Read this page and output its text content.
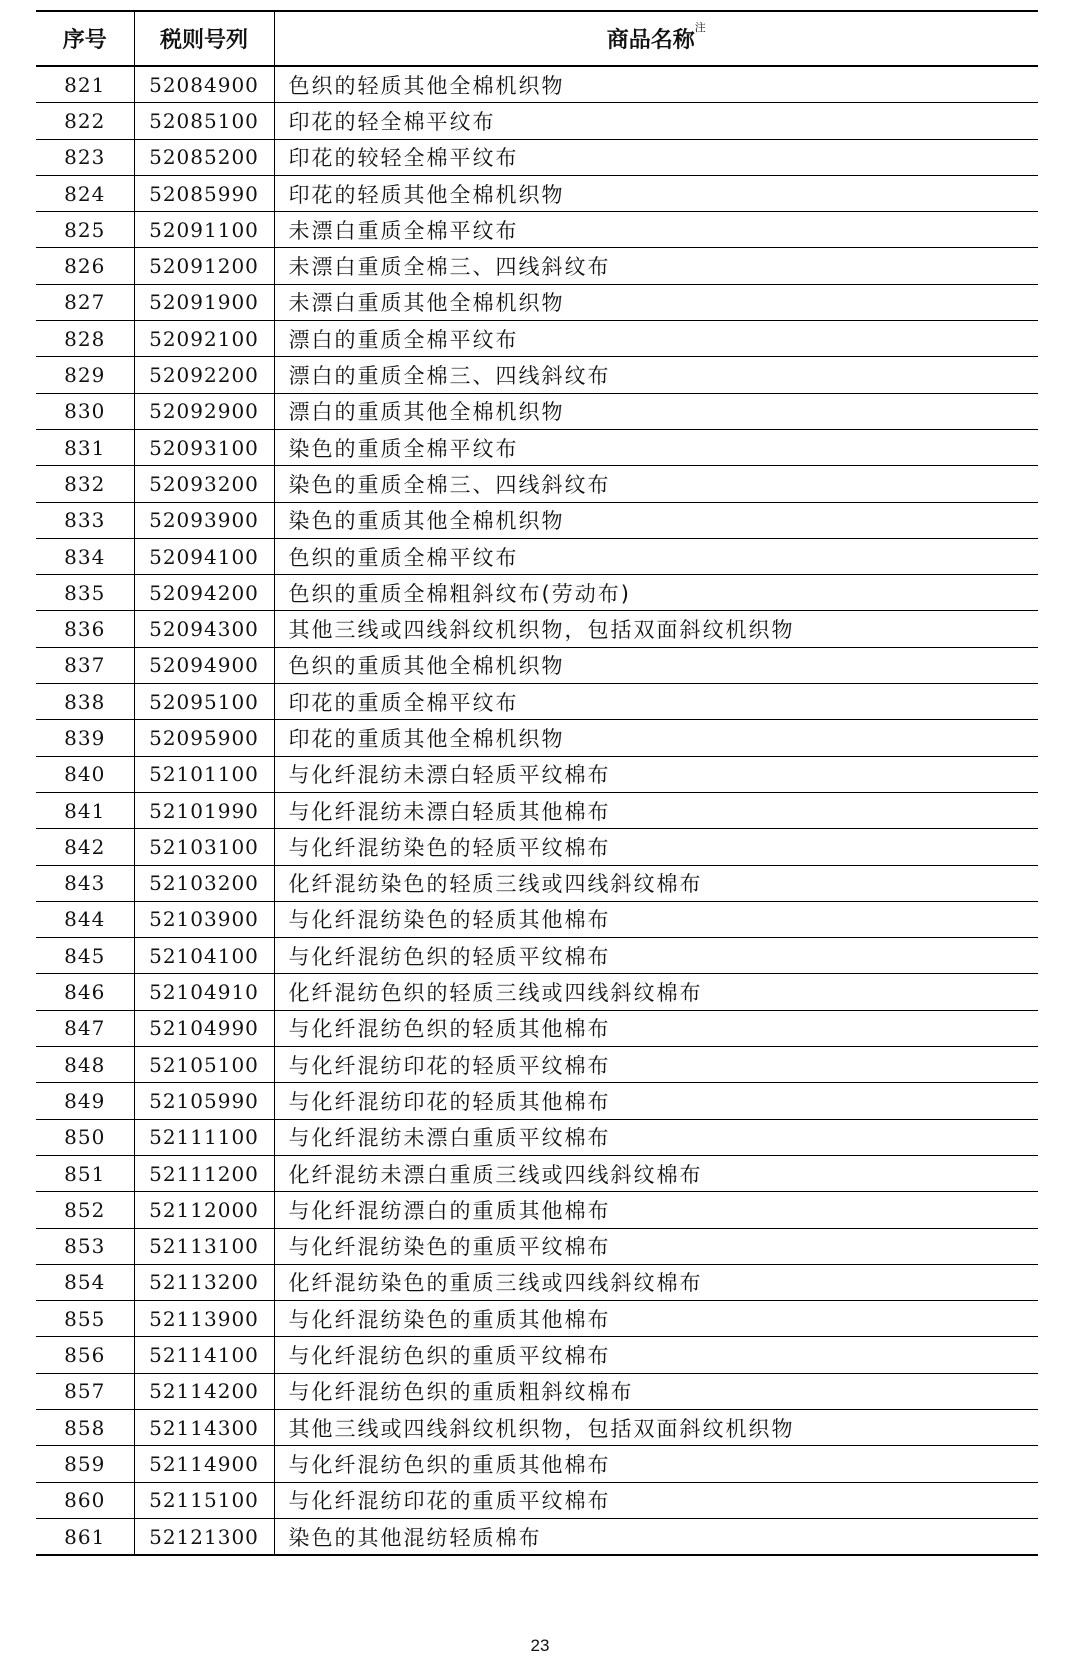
序号	税则号列	商品名称$^注$
821	52084900	色织的轻质其他全棉机织物
822	52085100	印花的轻全棉平纹布
823	52085200	印花的较轻全棉平纹布
824	52085990	印花的轻质其他全棉机织物
825	52091100	未漂白重质全棉平纹布
826	52091200	未漂白重质全棉三、四线斜纹布
827	52091900	未漂白重质其他全棉机织物
828	52092100	漂白的重质全棉平纹布
829	52092200	漂白的重质全棉三、四线斜纹布
830	52092900	漂白的重质其他全棉机织物
831	52093100	染色的重质全棉平纹布
832	52093200	染色的重质全棉三、四线斜纹布
833	52093900	染色的重质其他全棉机织物
834	52094100	色织的重质全棉平纹布
835	52094200	色织的重质全棉粗斜纹布(劳动布)
836	52094300	其他三线或四线斜纹机织物，包括双面斜纹机织物
837	52094900	色织的重质其他全棉机织物
838	52095100	印花的重质全棉平纹布
839	52095900	印花的重质其他全棉机织物
840	52101100	与化纤混纺未漂白轻质平纹棉布
841	52101990	与化纤混纺未漂白轻质其他棉布
842	52103100	与化纤混纺染色的轻质平纹棉布
843	52103200	化纤混纺染色的轻质三线或四线斜纹棉布
844	52103900	与化纤混纺染色的轻质其他棉布
845	52104100	与化纤混纺色织的轻质平纹棉布
846	52104910	化纤混纺色织的轻质三线或四线斜纹棉布
847	52104990	与化纤混纺色织的轻质其他棉布
848	52105100	与化纤混纺印花的轻质平纹棉布
849	52105990	与化纤混纺印花的轻质其他棉布
850	52111100	与化纤混纺未漂白重质平纹棉布
851	52111200	化纤混纺未漂白重质三线或四线斜纹棉布
852	52112000	与化纤混纺漂白的重质其他棉布
853	52113100	与化纤混纺染色的重质平纹棉布
854	52113200	化纤混纺染色的重质三线或四线斜纹棉布
855	52113900	与化纤混纺染色的重质其他棉布
856	52114100	与化纤混纺色织的重质平纹棉布
857	52114200	与化纤混纺色织的重质粗斜纹棉布
858	52114300	其他三线或四线斜纹机织物，包括双面斜纹机织物
859	52114900	与化纤混纺色织的重质其他棉布
860	52115100	与化纤混纺印花的重质平纹棉布
861	52121300	染色的其他混纺轻质棉布
23
